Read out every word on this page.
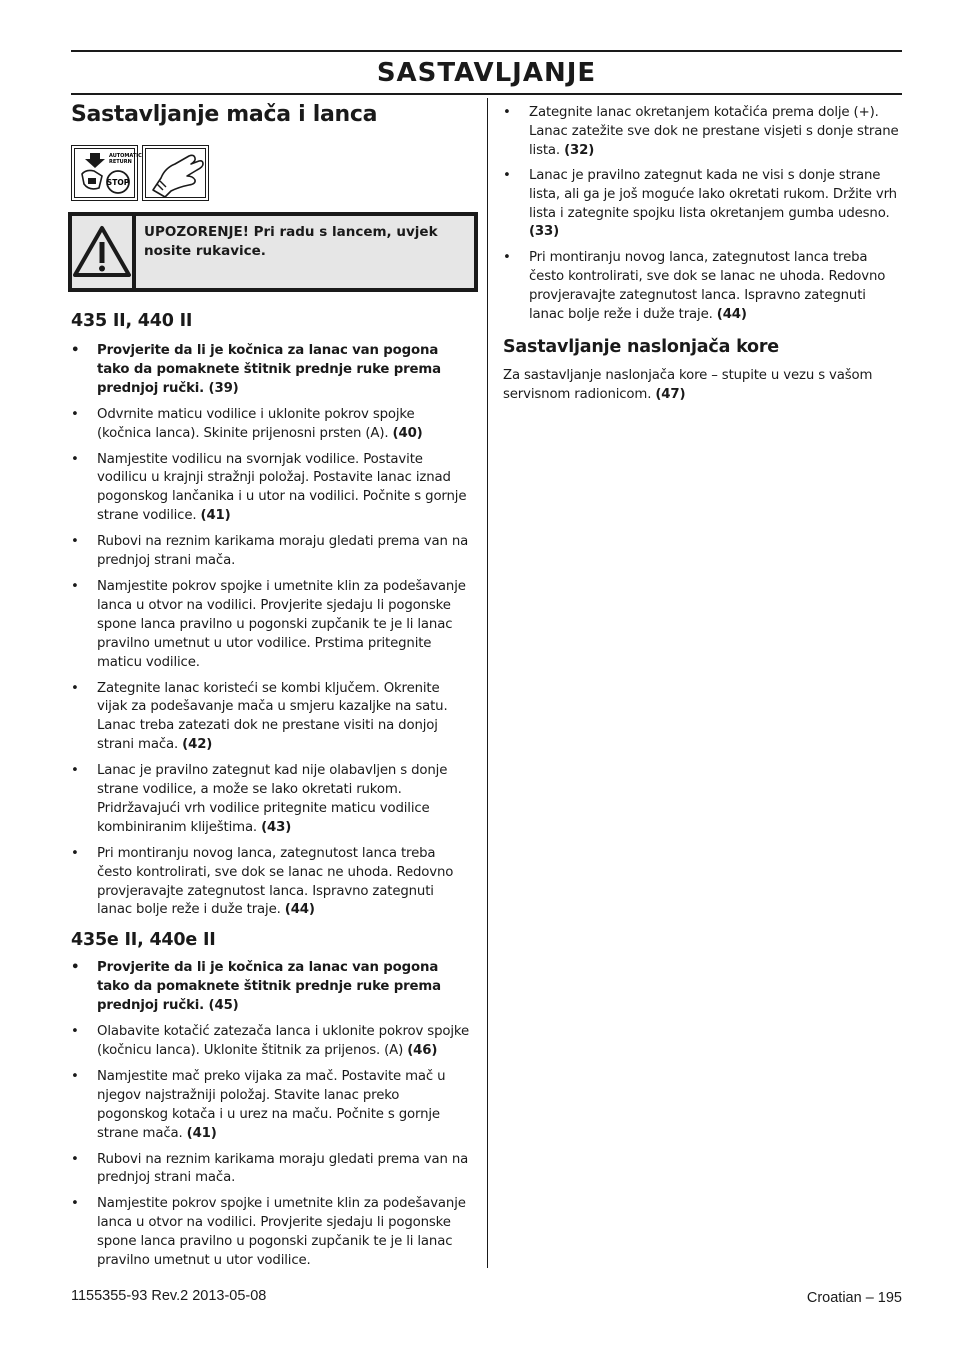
SASTAVLJANJE
Sastavljanje mača i lanca
AUTOMATIC
RETURN
STOP
UPOZORENJE! Pri radu s lancem, uvjek nosite rukavice.
435 II, 440 II
• Provjerite da li je kočnica za lanac van pogona tako da pomaknete štitnik prednje ruke prema prednjoj ručki. (39)
• Odvrnite maticu vodilice i uklonite pokrov spojke (kočnica lanca). Skinite prijenosni prsten (A). (40)
• Namjestite vodilicu na svornjak vodilice. Postavite vodilicu u krajnji stražnji položaj. Postavite lanac iznad pogonskog lančanika i u utor na vodilici. Počnite s gornje strane vodilice. (41)
• Rubovi na reznim karikama moraju gledati prema van na prednjoj strani mača.
• Namjestite pokrov spojke i umetnite klin za podešavanje lanca u otvor na vodilici. Provjerite sjedaju li pogonske spone lanca pravilno u pogonski zupčanik te je li lanac pravilno umetnut u utor vodilice. Prstima pritegnite maticu vodilice.
• Zategnite lanac koristeći se kombi ključem. Okrenite vijak za podešavanje mača u smjeru kazaljke na satu. Lanac treba zatezati dok ne prestane visiti na donjoj strani mača. (42)
• Lanac je pravilno zategnut kad nije olabavljen s donje strane vodilice, a može se lako okretati rukom. Pridržavajući vrh vodilice pritegnite maticu vodilice kombiniranim kliještima. (43)
• Pri montiranju novog lanca, zategnutost lanca treba često kontrolirati, sve dok se lanac ne uhoda. Redovno provjeravajte zategnutost lanca. Ispravno zategnuti lanac bolje reže i duže traje. (44)
435e II, 440e II
• Provjerite da li je kočnica za lanac van pogona tako da pomaknete štitnik prednje ruke prema prednjoj ručki. (45)
• Olabavite kotačić zatezača lanca i uklonite pokrov spojke (kočnicu lanca). Uklonite štitnik za prijenos. (A) (46)
• Namjestite mač preko vijaka za mač. Postavite mač u njegov najstražniji položaj. Stavite lanac preko pogonskog kotača i u urez na maču. Počnite s gornje strane mača. (41)
• Rubovi na reznim karikama moraju gledati prema van na prednjoj strani mača.
• Namjestite pokrov spojke i umetnite klin za podešavanje lanca u otvor na vodilici. Provjerite sjedaju li pogonske spone lanca pravilno u pogonski zupčanik te je li lanac pravilno umetnut u utor vodilice.
• Zategnite lanac okretanjem kotačića prema dolje (+). Lanac zatežite sve dok ne prestane visjeti s donje strane lista. (32)
• Lanac je pravilno zategnut kada ne visi s donje strane lista, ali ga je još moguće lako okretati rukom. Držite vrh lista i zategnite spojku lista okretanjem gumba udesno. (33)
• Pri montiranju novog lanca, zategnutost lanca treba često kontrolirati, sve dok se lanac ne uhoda. Redovno provjeravajte zategnutost lanca. Ispravno zategnuti lanac bolje reže i duže traje. (44)
Sastavljanje naslonjača kore

Za sastavljanje naslonjača kore – stupite u vezu s vašom servisnom radionicom. (47)

1155355-93 Rev.2 2013-05-08	Croatian – 195
